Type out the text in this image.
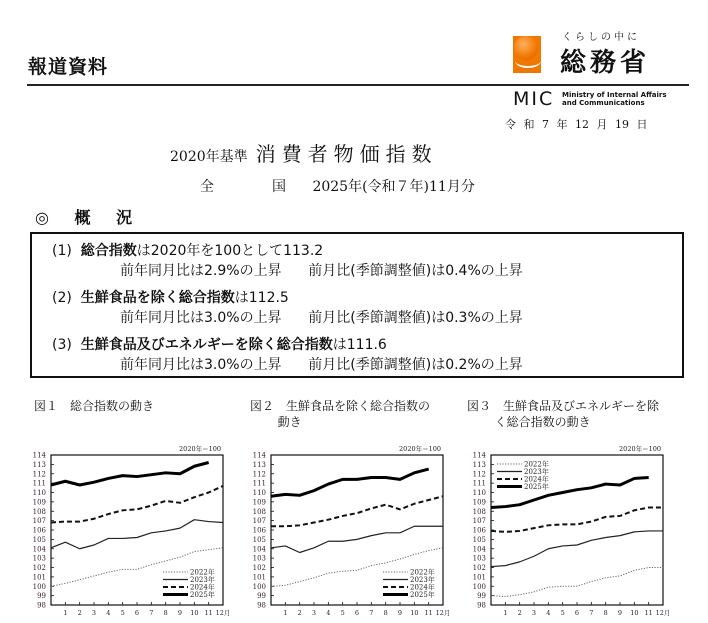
報道資料
くらしの中に
総務省
MIC Ministry of Internal Affairs
and Communications
令 和 7 年 12 月 19 日
2020年基準 消費者物価指数
全　国 2025年(令和７年)11月分
◎ 概 況
(1) 総合指数は2020年を100として113.2
前年同月比は2.9%の上昇 前月比(季節調整値)は0.4%の上昇
(2) 生鮮食品を除く総合指数は112.5
前年同月比は3.0%の上昇 前月比(季節調整値)は0.3%の上昇
(3) 生鮮食品及びエネルギーを除く総合指数は111.6
前年同月比は3.0%の上昇 前月比(季節調整値)は0.2%の上昇
図１　 総合指数の動き	図２　 生鮮食品を除く総合指数の動き
図３　 生鮮食品及びエネルギーを除く総合指数の動き
2020年＝100
98
99
100
101
102
103
104
105
106
107
108
109
110
111
112
113
114
1 2 3 4 5 6 7 8 9 10 11 12月
2022年
2023年
2024年
2025年
2020年＝100
98
99
100
101
102
103
104
105
106
107
108
109
110
111
112
113
114
1 2 3 4 5 6 7 8 9 10 11 12月
2022年
2023年
2024年
2025年
2020年＝100
98
99
100
101
102
103
104
105
106
107
108
109
110
111
112
113
114
1 2 3 4 5 6 7 8 9 10 11 12月
2022年
2023年
2024年
2025年
